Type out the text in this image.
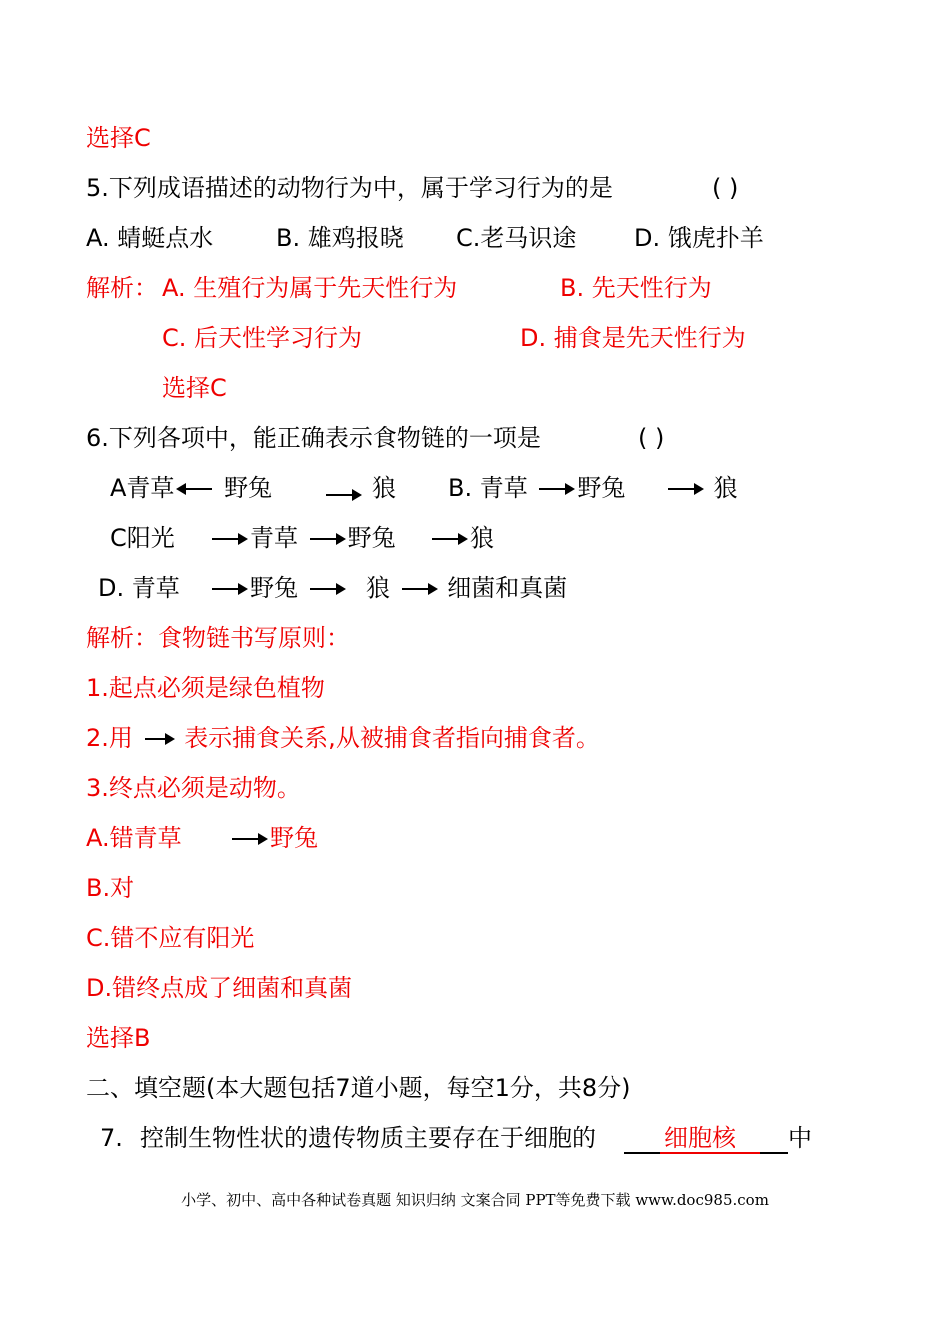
选择C
5.下列成语描述的动物行为中，属于学习行为的是	( )
A. 蜻蜓点水	B. 雄鸡报晓 C.老马识途 D. 饿虎扑羊
解析： A. 生殖行为属于先天性行为	B. 先天性行为
C. 后天性学习行为	D. 捕食是先天性行为
选择C
6.下列各项中，能正确表示食物链的一项是	( )
A青草 野兔	狼 B. 青草 野兔	狼
C阳光	青草 野兔	狼
D. 青草	野兔	狼 细菌和真菌
解析：食物链书写原则：
1.起点必须是绿色植物
2.用 表示捕食关系,从被捕食者指向捕食者。
3.终点必须是动物。
A.错青草	野兔
B.对
C.错不应有阳光
D.错终点成了细菌和真菌
选择B
二、填空题(本大题包括7道小题，每空1分，共8分)
7. 控制生物性状的遗传物质主要存在于细胞的	细胞核 中
小学、初中、高中各种试卷真题 知识归纳 文案合同 PPT等免费下载 www.doc985.com
